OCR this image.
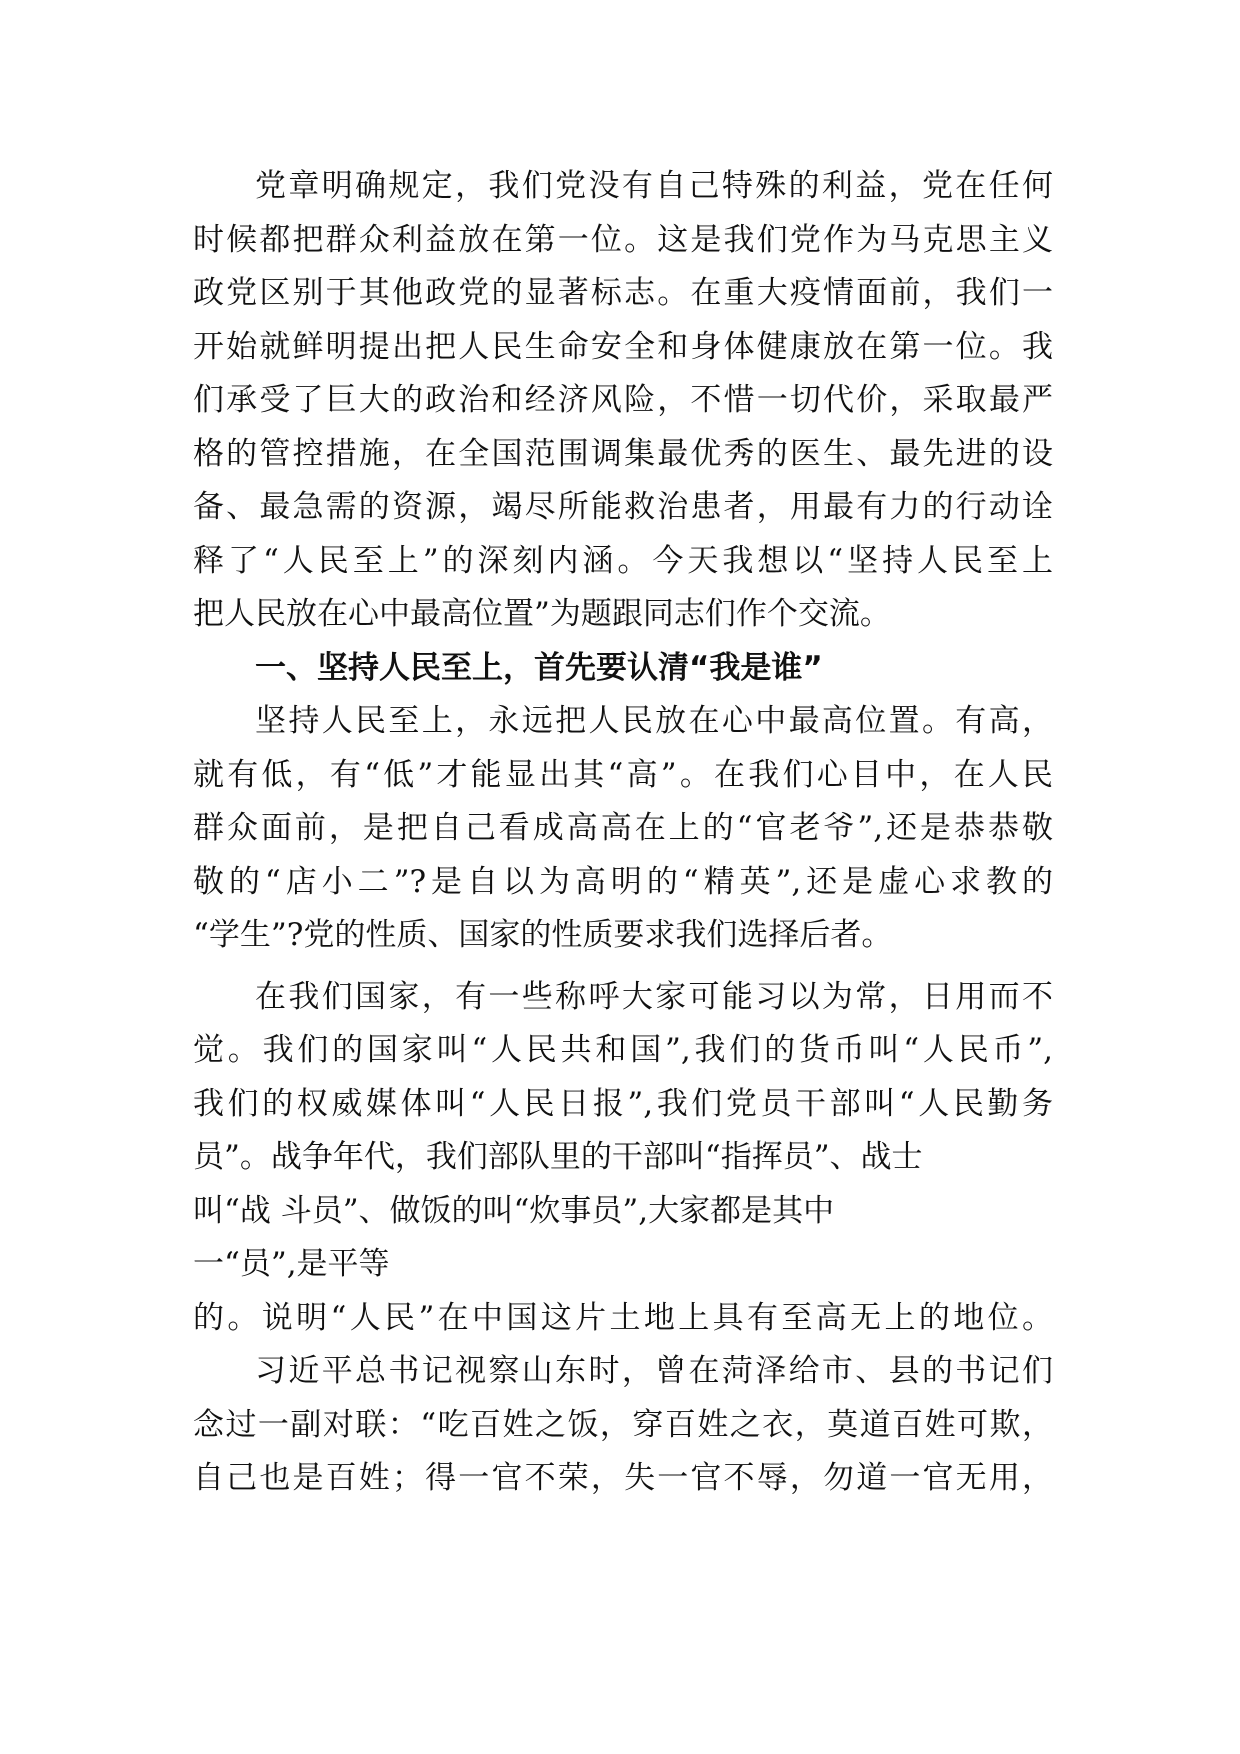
党章明确规定，我们党没有自己特殊的利益，党在任何
时候都把群众利益放在第一位。这是我们党作为马克思主义
政党区别于其他政党的显著标志。在重大疫情面前，我们一
开始就鲜明提出把人民生命安全和身体健康放在第一位。我
们承受了巨大的政治和经济风险，不惜一切代价，采取最严
格的管控措施，在全国范围调集最优秀的医生、最先进的设
备、最急需的资源，竭尽所能救治患者，用最有力的行动诠
释了“人民至上”的深刻内涵。今天我想以“坚持人民至上
把人民放在心中最高位置”为题跟同志们作个交流。
一、坚持人民至上，首先要认清“我是谁”
坚持人民至上，永远把人民放在心中最高位置。有高，
就有低，有“低”才能显出其“高”。在我们心目中，在人民
群众面前，是把自己看成高高在上的“官老爷”,还是恭恭敬
敬的“店小二”?是自以为高明的“精英”,还是虚心求教的
“学生”?党的性质、国家的性质要求我们选择后者。
在我们国家，有一些称呼大家可能习以为常，日用而不
觉。我们的国家叫“人民共和国”,我们的货币叫“人民币”,
我们的权威媒体叫“人民日报”,我们党员干部叫“人民勤务
员”。战争年代，我们部队里的干部叫“指挥员”、战士
叫“战 斗员”、做饭的叫“炊事员”,大家都是其中
一“员”,是平等
的。说明“人民”在中国这片土地上具有至高无上的地位。
习近平总书记视察山东时，曾在菏泽给市、县的书记们
念过一副对联：“吃百姓之饭，穿百姓之衣，莫道百姓可欺，
自己也是百姓；得一官不荣，失一官不辱，勿道一官无用，
